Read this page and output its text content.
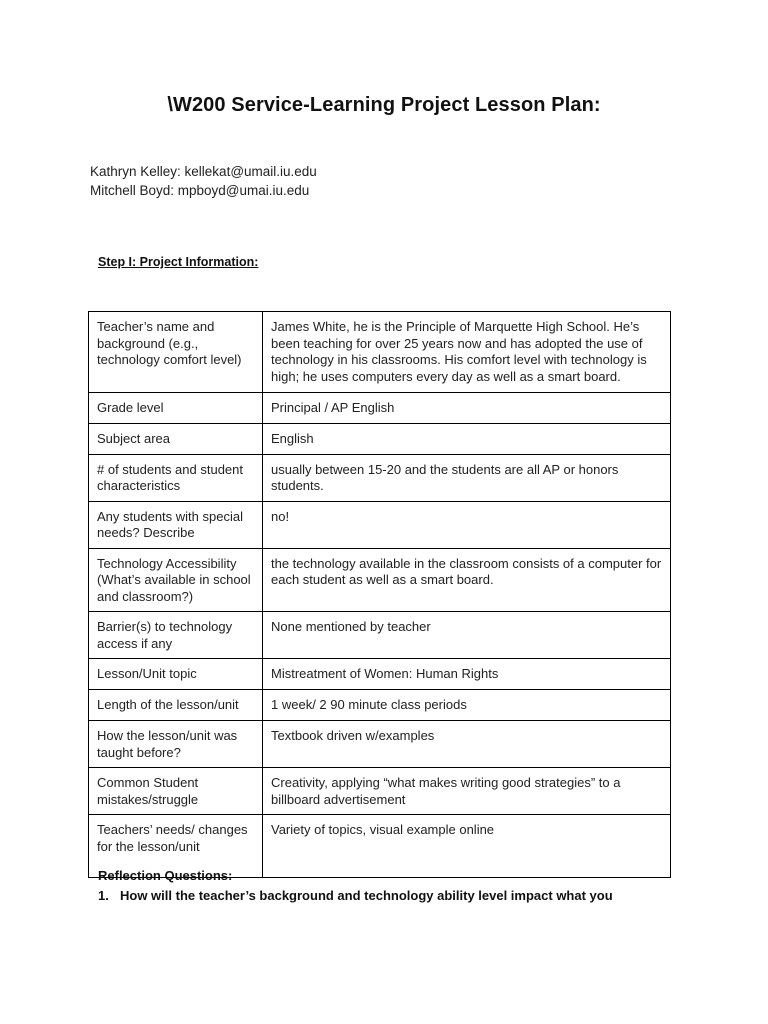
\W200 Service-Learning Project Lesson Plan:
Kathryn Kelley: kellekat@umail.iu.edu
Mitchell Boyd: mpboyd@umai.iu.edu
Step I: Project Information:
Teacher’s name and background (e.g., technology comfort level)	James White, he is the Principle of Marquette High School. He’s been teaching for over 25 years now and has adopted the use of technology in his classrooms. His comfort level with technology is high; he uses computers every day as well as a smart board.
Grade level	Principal / AP English
Subject area	English
# of students and student characteristics	usually between 15-20 and the students are all AP or honors students.
Any students with special needs? Describe	no!
Technology Accessibility (What’s available in school and classroom?)	the technology available in the classroom consists of a computer for each student as well as a smart board.
Barrier(s) to technology access if any	None mentioned by teacher
Lesson/Unit topic	Mistreatment of Women: Human Rights
Length of the lesson/unit	1 week/ 2 90 minute class periods
How the lesson/unit was taught before?	Textbook driven w/examples
Common Student mistakes/struggle	Creativity, applying “what makes writing good strategies” to a billboard advertisement
Teachers’ needs/ changes for the lesson/unit	Variety of topics, visual example online
Reflection Questions:
1. How will the teacher’s background and technology ability level impact what you
